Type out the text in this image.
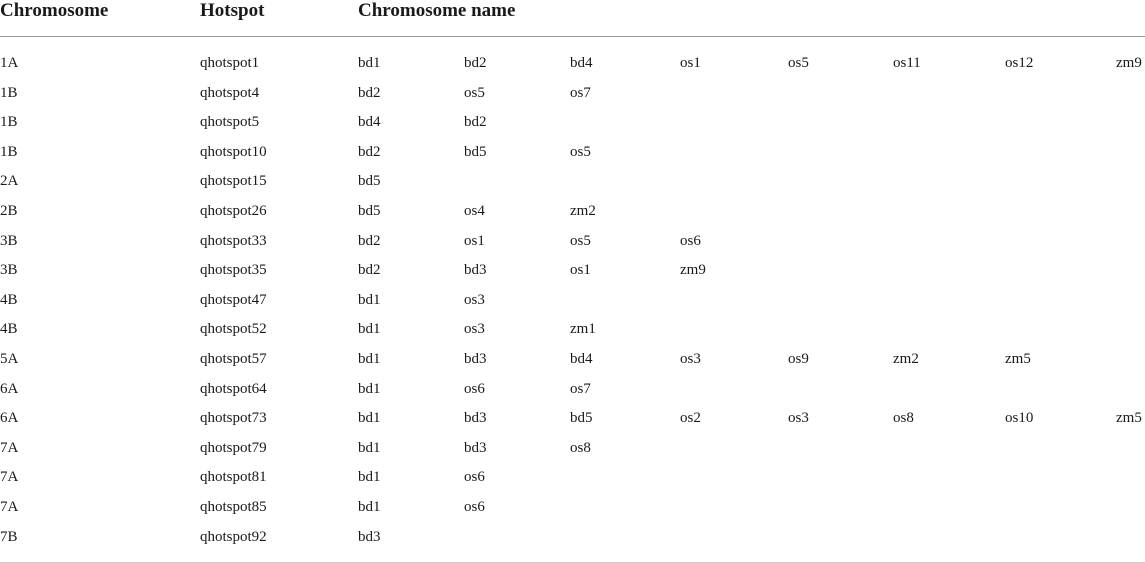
Chromosome	Hotspot	Chromosome name
1A	qhotspot1	bd1	bd2	bd4	os1	os5	os11	os12	zm9
1B	qhotspot4	bd2	os5	os7
1B	qhotspot5	bd4	bd2
1B	qhotspot10	bd2	bd5	os5
2A	qhotspot15	bd5
2B	qhotspot26	bd5	os4	zm2
3B	qhotspot33	bd2	os1	os5	os6
3B	qhotspot35	bd2	bd3	os1	zm9
4B	qhotspot47	bd1	os3
4B	qhotspot52	bd1	os3	zm1
5A	qhotspot57	bd1	bd3	bd4	os3	os9	zm2	zm5
6A	qhotspot64	bd1	os6	os7
6A	qhotspot73	bd1	bd3	bd5	os2	os3	os8	os10	zm5
7A	qhotspot79	bd1	bd3	os8
7A	qhotspot81	bd1	os6
7A	qhotspot85	bd1	os6
7B	qhotspot92	bd3
